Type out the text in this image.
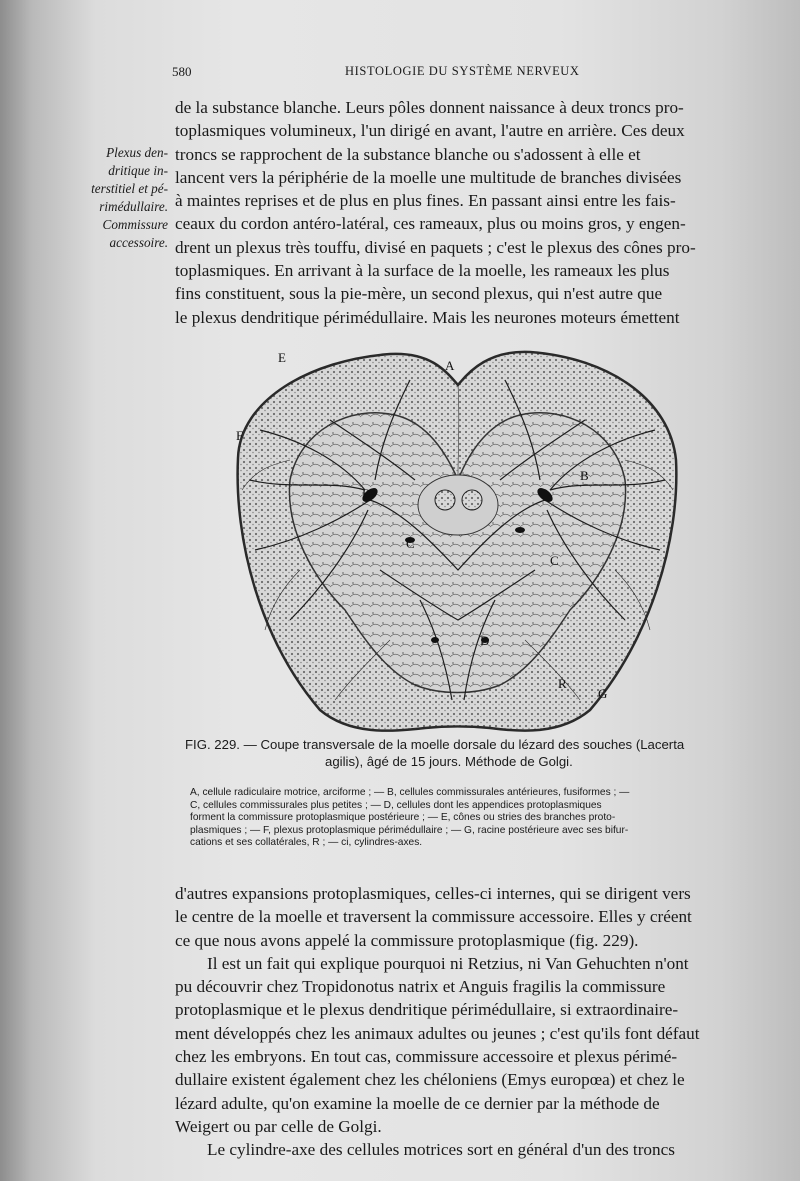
580	HISTOLOGIE DU SYSTÈME NERVEUX
Plexus den-
dritique in-
terstitiel et pé-
rimédullaire.
Commissure
accessoire.

de la substance blanche. Leurs pôles donnent naissance à deux troncs pro-
toplasmiques volumineux, l'un dirigé en avant, l'autre en arrière. Ces deux
troncs se rapprochent de la substance blanche ou s'adossent à elle et
lancent vers la périphérie de la moelle une multitude de branches divisées
à maintes reprises et de plus en plus fines. En passant ainsi entre les fais-
ceaux du cordon antéro-latéral, ces rameaux, plus ou moins gros, y engen-
drent un plexus très touffu, divisé en paquets ; c'est le plexus des cônes pro-
toplasmiques. En arrivant à la surface de la moelle, les rameaux les plus
fins constituent, sous la pie-mère, un second plexus, qui n'est autre que
le plexus dendritique périmédullaire. Mais les neurones moteurs émettent

E
A
F
B
B
C
C
D
R
G
FIG. 229. — Coupe transversale de la moelle dorsale du lézard des souches (Lacerta
agilis), âgé de 15 jours. Méthode de Golgi.
A, cellule radiculaire motrice, arciforme ; — B, cellules commissurales antérieures, fusiformes ; —
C, cellules commissurales plus petites ; — D, cellules dont les appendices protoplasmiques
forment la commissure protoplasmique postérieure ; — E, cônes ou stries des branches proto-
plasmiques ; — F, plexus protoplasmique périmédullaire ; — G, racine postérieure avec ses bifur-
cations et ses collatérales, R ; — ci, cylindres-axes.

d'autres expansions protoplasmiques, celles-ci internes, qui se dirigent vers
le centre de la moelle et traversent la commissure accessoire. Elles y créent
ce que nous avons appelé la commissure protoplasmique (fig. 229).
Il est un fait qui explique pourquoi ni Retzius, ni Van Gehuchten n'ont
pu découvrir chez Tropidonotus natrix et Anguis fragilis la commissure
protoplasmique et le plexus dendritique périmédullaire, si extraordinaire-
ment développés chez les animaux adultes ou jeunes ; c'est qu'ils font défaut
chez les embryons. En tout cas, commissure accessoire et plexus périmé-
dullaire existent également chez les chéloniens (Emys europœa) et chez le
lézard adulte, qu'on examine la moelle de ce dernier par la méthode de
Weigert ou par celle de Golgi.
Le cylindre-axe des cellules motrices sort en général d'un des troncs
